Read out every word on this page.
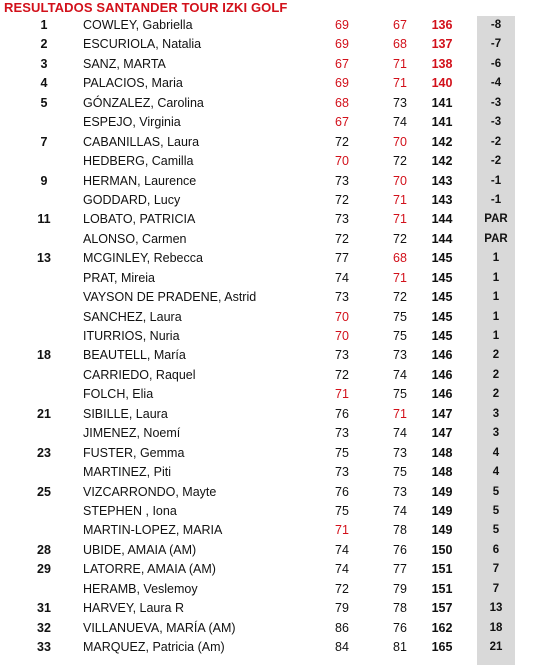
RESULTADOS SANTANDER TOUR IZKI GOLF
1	COWLEY, Gabriella	69	67	136	-8
2	ESCURIOLA, Natalia	69	68	137	-7
3	SANZ, MARTA	67	71	138	-6
4	PALACIOS, Maria	69	71	140	-4
5	GÓNZALEZ, Carolina	68	73	141	-3
ESPEJO, Virginia	67	74	141	-3
7	CABANILLAS, Laura	72	70	142	-2
HEDBERG, Camilla	70	72	142	-2
9	HERMAN, Laurence	73	70	143	-1
GODDARD, Lucy	72	71	143	-1
11	LOBATO, PATRICIA	73	71	144	PAR
ALONSO, Carmen	72	72	144	PAR
13	MCGINLEY, Rebecca	77	68	145	1
PRAT, Mireia	74	71	145	1
VAYSON DE PRADENE, Astrid	73	72	145	1
SANCHEZ, Laura	70	75	145	1
ITURRIOS, Nuria	70	75	145	1
18	BEAUTELL, María	73	73	146	2
CARRIEDO, Raquel	72	74	146	2
FOLCH, Elia	71	75	146	2
21	SIBILLE, Laura	76	71	147	3
JIMENEZ, Noemí	73	74	147	3
23	FUSTER, Gemma	75	73	148	4
MARTINEZ, Piti	73	75	148	4
25	VIZCARRONDO, Mayte	76	73	149	5
STEPHEN , Iona	75	74	149	5
MARTIN-LOPEZ, MARIA	71	78	149	5
28	UBIDE, AMAIA (AM)	74	76	150	6
29	LATORRE, AMAIA (AM)	74	77	151	7
HERAMB, Veslemoy	72	79	151	7
31	HARVEY, Laura R	79	78	157	13
32	VILLANUEVA, MARÍA (AM)	86	76	162	18
33	MARQUEZ, Patricia (Am)	84	81	165	21
